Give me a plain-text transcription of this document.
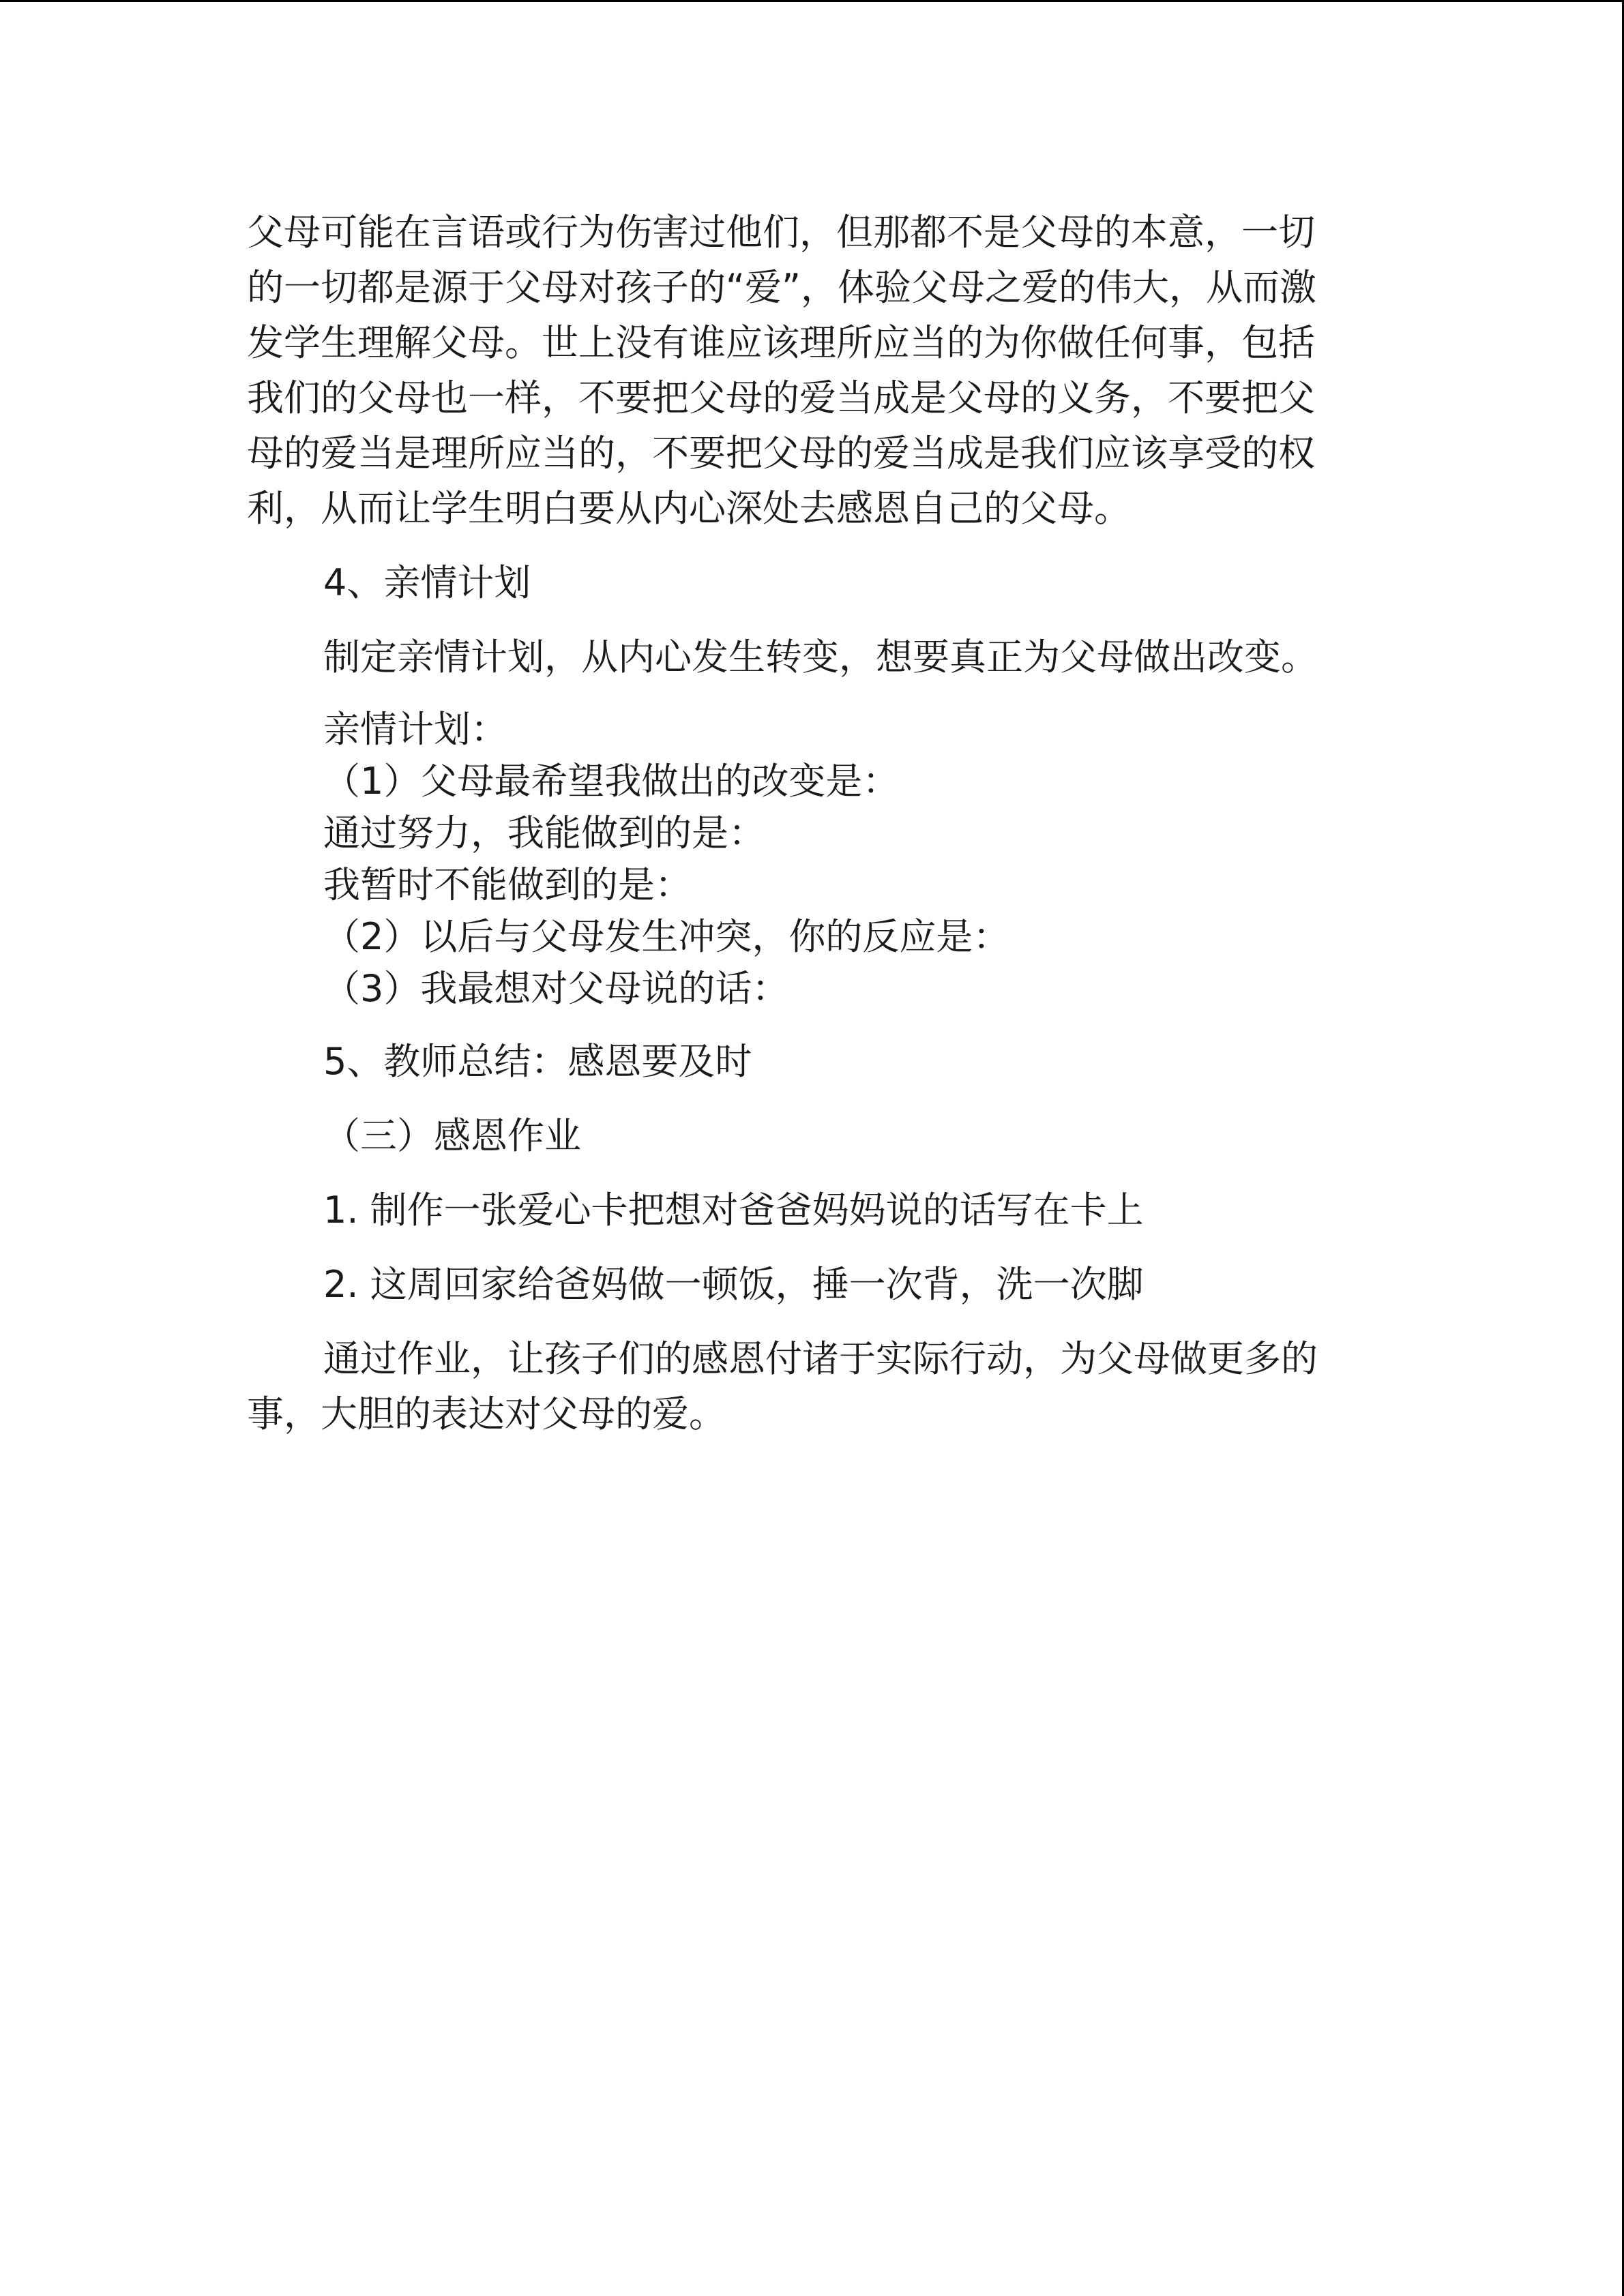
父母可能在言语或行为伤害过他们，但那都不是父母的本意，一切

的一切都是源于父母对孩子的“爱”，体验父母之爱的伟大，从而激

发学生理解父母。世上没有谁应该理所应当的为你做任何事，包括

我们的父母也一样，不要把父母的爱当成是父母的义务，不要把父

母的爱当是理所应当的，不要把父母的爱当成是我们应该享受的权

利，从而让学生明白要从内心深处去感恩自己的父母。

4、亲情计划

制定亲情计划，从内心发生转变，想要真正为父母做出改变。

亲情计划：

（1）父母最希望我做出的改变是：

通过努力，我能做到的是：

我暂时不能做到的是：

（2）以后与父母发生冲突，你的反应是：

（3）我最想对父母说的话：

5、教师总结：感恩要及时

（三）感恩作业

1. 制作一张爱心卡把想对爸爸妈妈说的话写在卡上

2. 这周回家给爸妈做一顿饭，捶一次背，洗一次脚

通过作业，让孩子们的感恩付诸于实际行动，为父母做更多的

事，大胆的表达对父母的爱。
